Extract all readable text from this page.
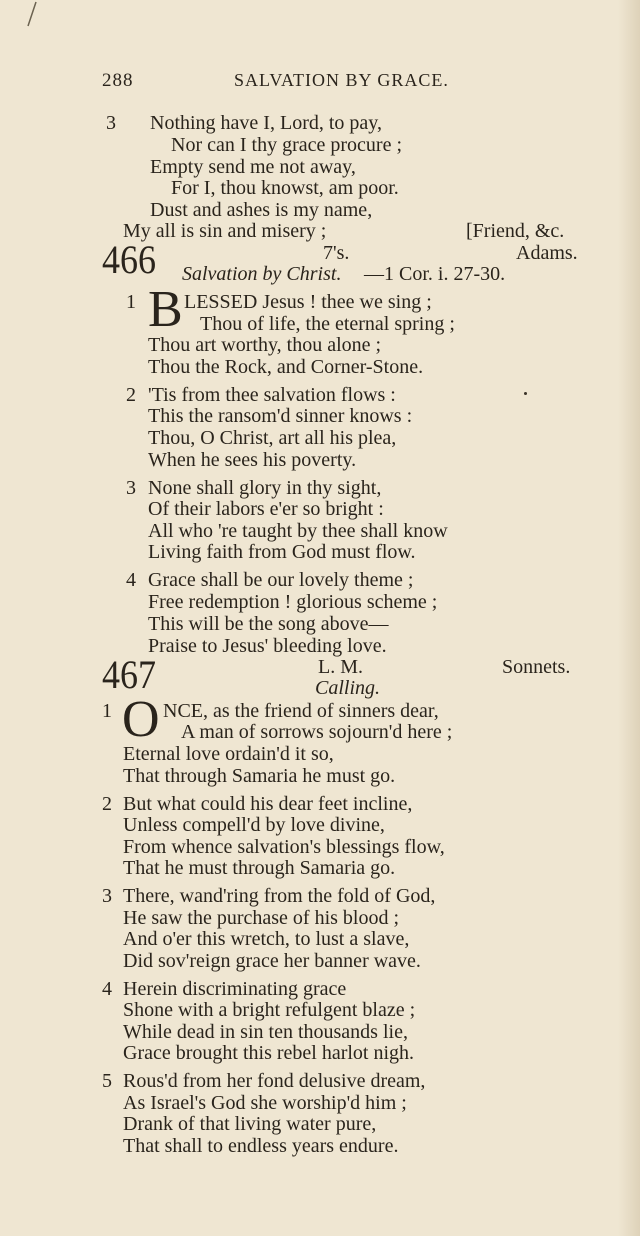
288	SALVATION BY GRACE.
3 Nothing have I, Lord, to pay,
Nor can I thy grace procure ;
Empty send me not away,
For I, thou knowst, am poor.
Dust and ashes is my name,
My all is sin and misery ;	[Friend, &c.
466	7's.	Adams.
Salvation by Christ. —1 Cor. i. 27-30.
1 B LESSED Jesus ! thee we sing ;
Thou of life, the eternal spring ;
Thou art worthy, thou alone ;
Thou the Rock, and Corner-Stone.
2 'Tis from thee salvation flows :
This the ransom'd sinner knows :
Thou, O Christ, art all his plea,
When he sees his poverty.
3 None shall glory in thy sight,
Of their labors e'er so bright :
All who 're taught by thee shall know
Living faith from God must flow.
4 Grace shall be our lovely theme ;
Free redemption ! glorious scheme ;
This will be the song above—
Praise to Jesus' bleeding love.
467	L. M.	Sonnets.
Calling.
1 O NCE, as the friend of sinners dear,
A man of sorrows sojourn'd here ;
Eternal love ordain'd it so,
That through Samaria he must go.
2 But what could his dear feet incline,
Unless compell'd by love divine,
From whence salvation's blessings flow,
That he must through Samaria go.
3 There, wand'ring from the fold of God,
He saw the purchase of his blood ;
And o'er this wretch, to lust a slave,
Did sov'reign grace her banner wave.
4 Herein discriminating grace
Shone with a bright refulgent blaze ;
While dead in sin ten thousands lie,
Grace brought this rebel harlot nigh.
5 Rous'd from her fond delusive dream,
As Israel's God she worship'd him ;
Drank of that living water pure,
That shall to endless years endure.
